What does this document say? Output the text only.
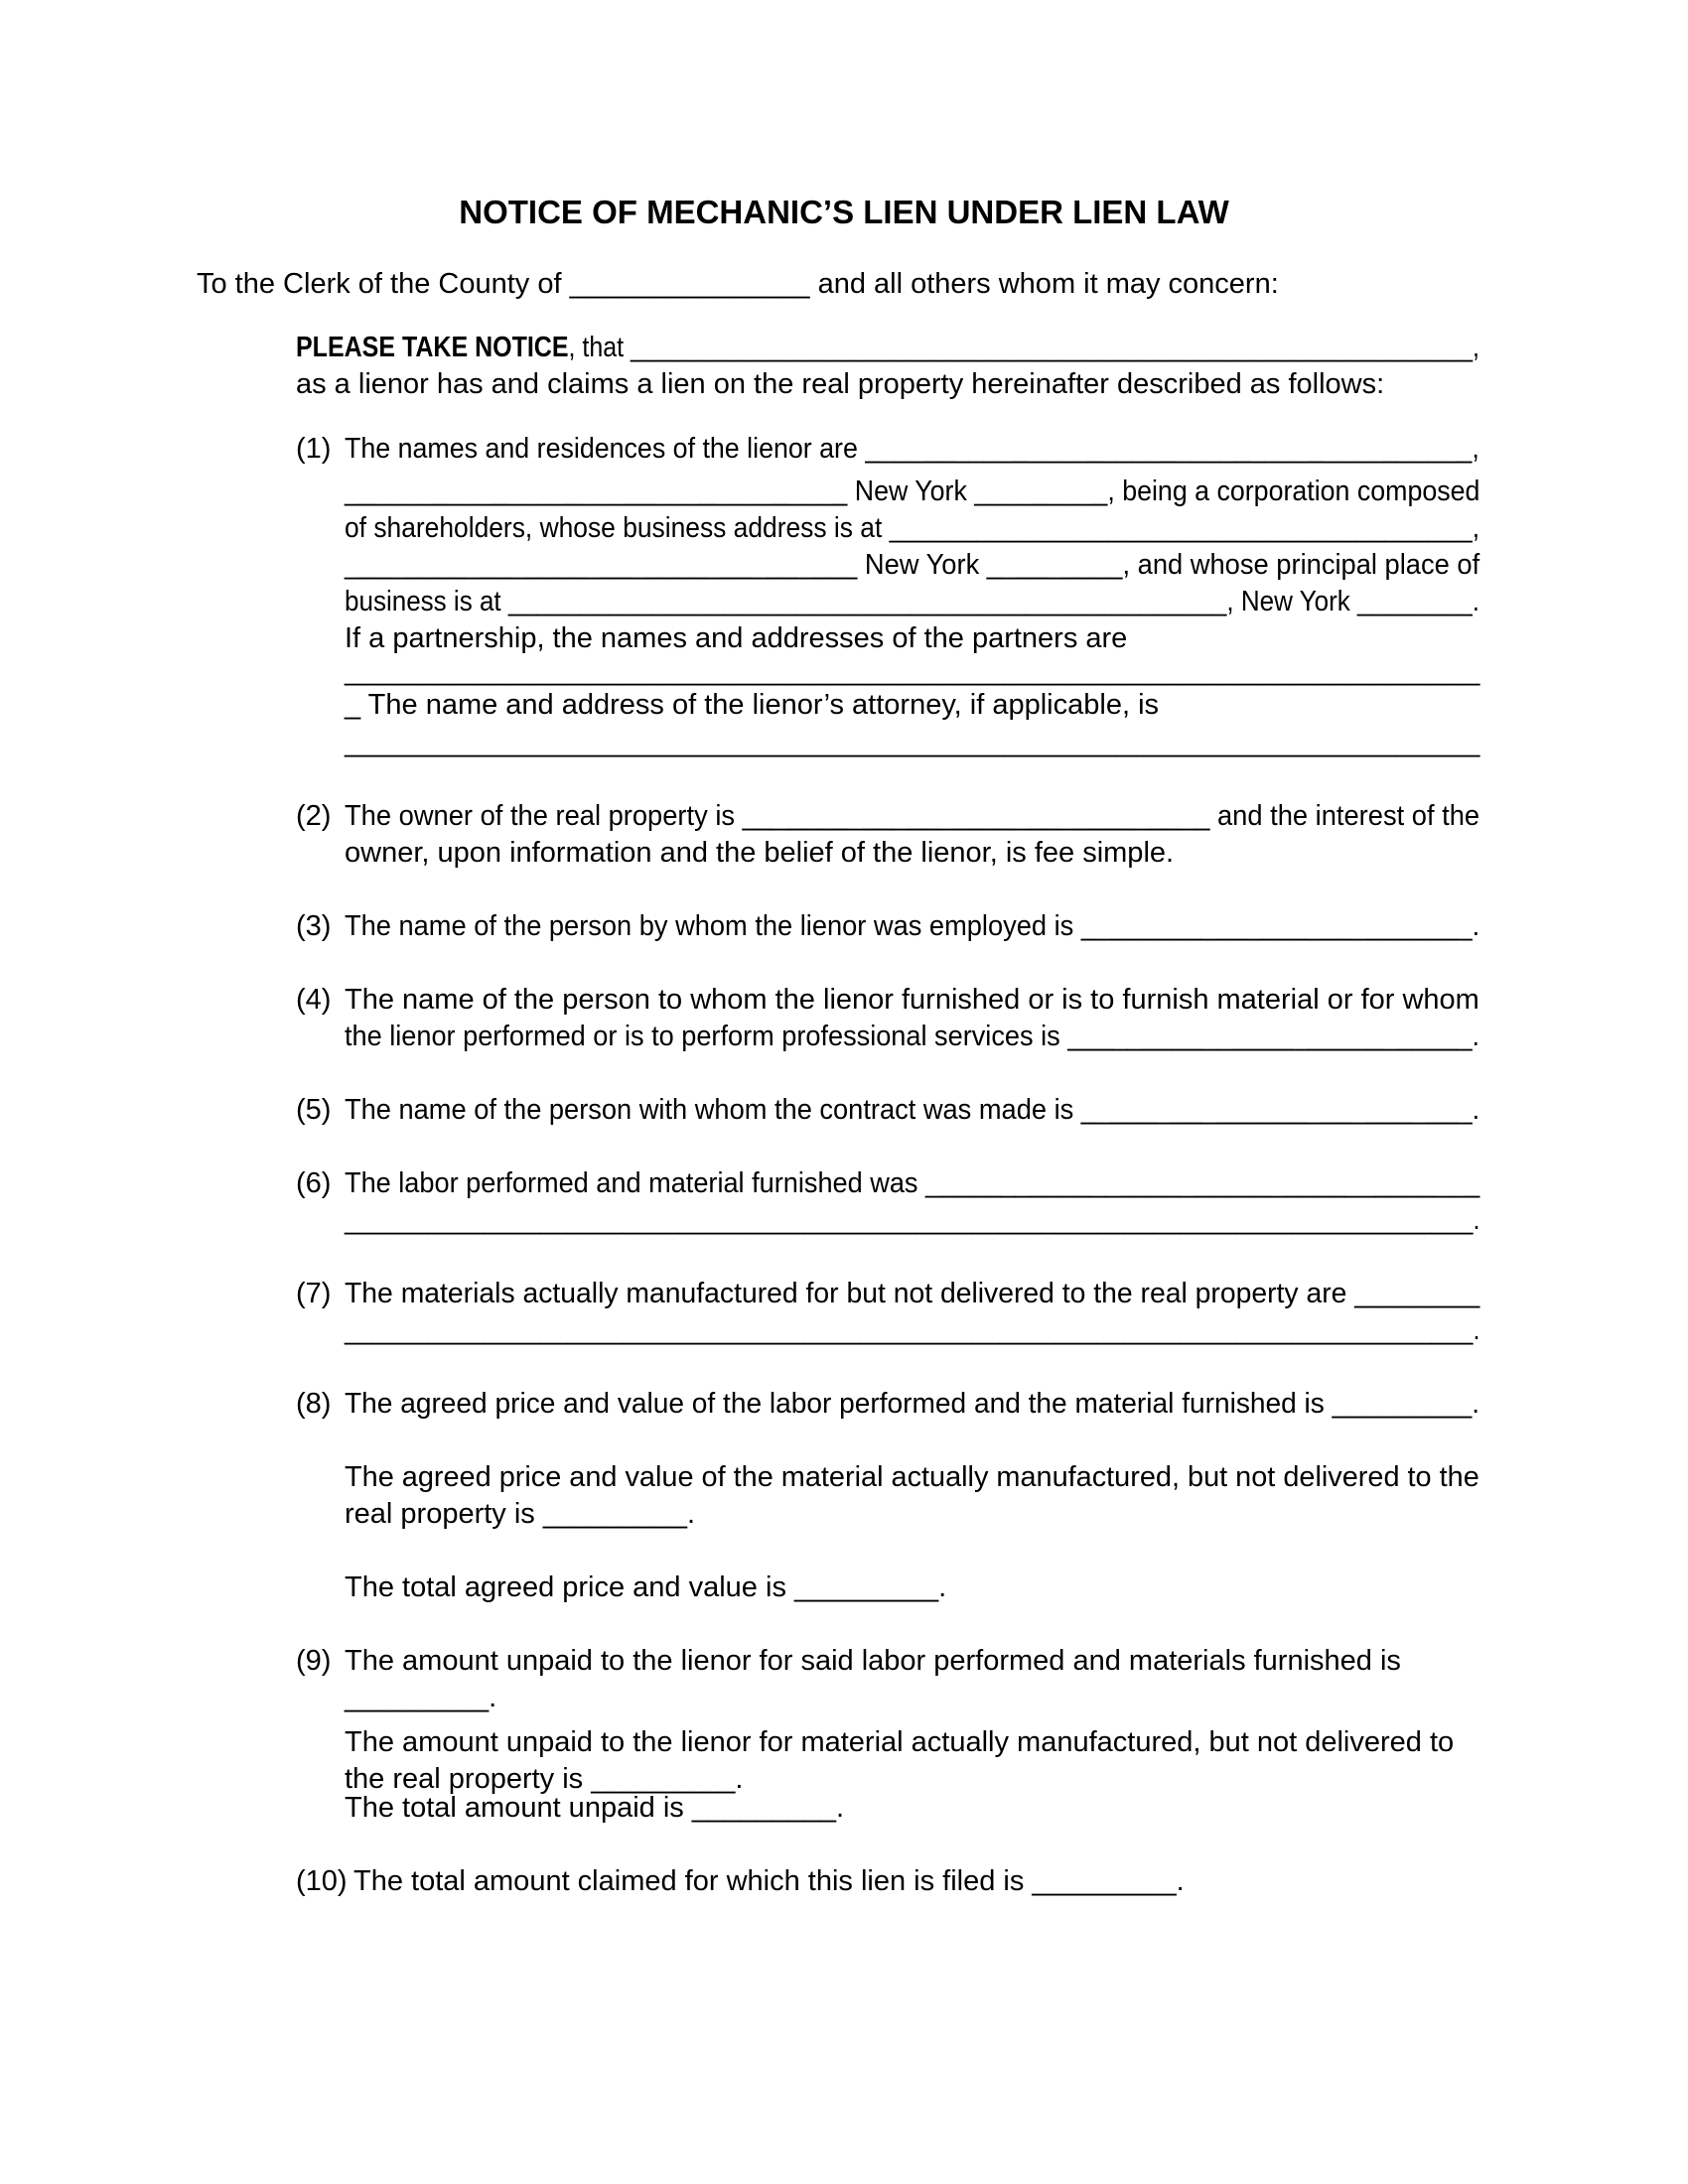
NOTICE OF MECHANIC’S LIEN UNDER LIEN LAW

To the Clerk of the County of _______________ and all others whom it may concern:

PLEASE TAKE NOTICE, that _____________________________________________________________,

as a lienor has and claims a lien on the real property hereinafter described as follows:

(1) The names and residences of the lienor are _________________________________________,

__________________________________ New York _________, being a corporation composed

of shareholders, whose business address is at ________________________________________,

__________________________________ New York _________, and whose principal place of

business is at __________________________________________________, New York ________.

If a partnership, the names and addresses of the partners are

_________________________________________________________________________________

_ The name and address of the lienor’s attorney, if applicable, is

_________________________________________________________________________________

(2) The owner of the real property is _______________________________ and the interest of the

owner, upon information and the belief of the lienor, is fee simple.

(3) The name of the person by whom the lienor was employed is __________________________.

(4) The name of the person to whom the lienor furnished or is to furnish material or for whom

the lienor performed or is to perform professional services is ___________________________.

(5) The name of the person with whom the contract was made is __________________________.

(6) The labor performed and material furnished was _____________________________________

_________________________________________________________________________________.

(7) The materials actually manufactured for but not delivered to the real property are ________

_________________________________________________________________________________.

(8) The agreed price and value of the labor performed and the material furnished is _________.

The agreed price and value of the material actually manufactured, but not delivered to the

real property is _________.

The total agreed price and value is _________.

(9) The amount unpaid to the lienor for said labor performed and materials furnished is

_________.

The amount unpaid to the lienor for material actually manufactured, but not delivered to

the real property is _________.

The total amount unpaid is _________.

(10) The total amount claimed for which this lien is filed is _________.
